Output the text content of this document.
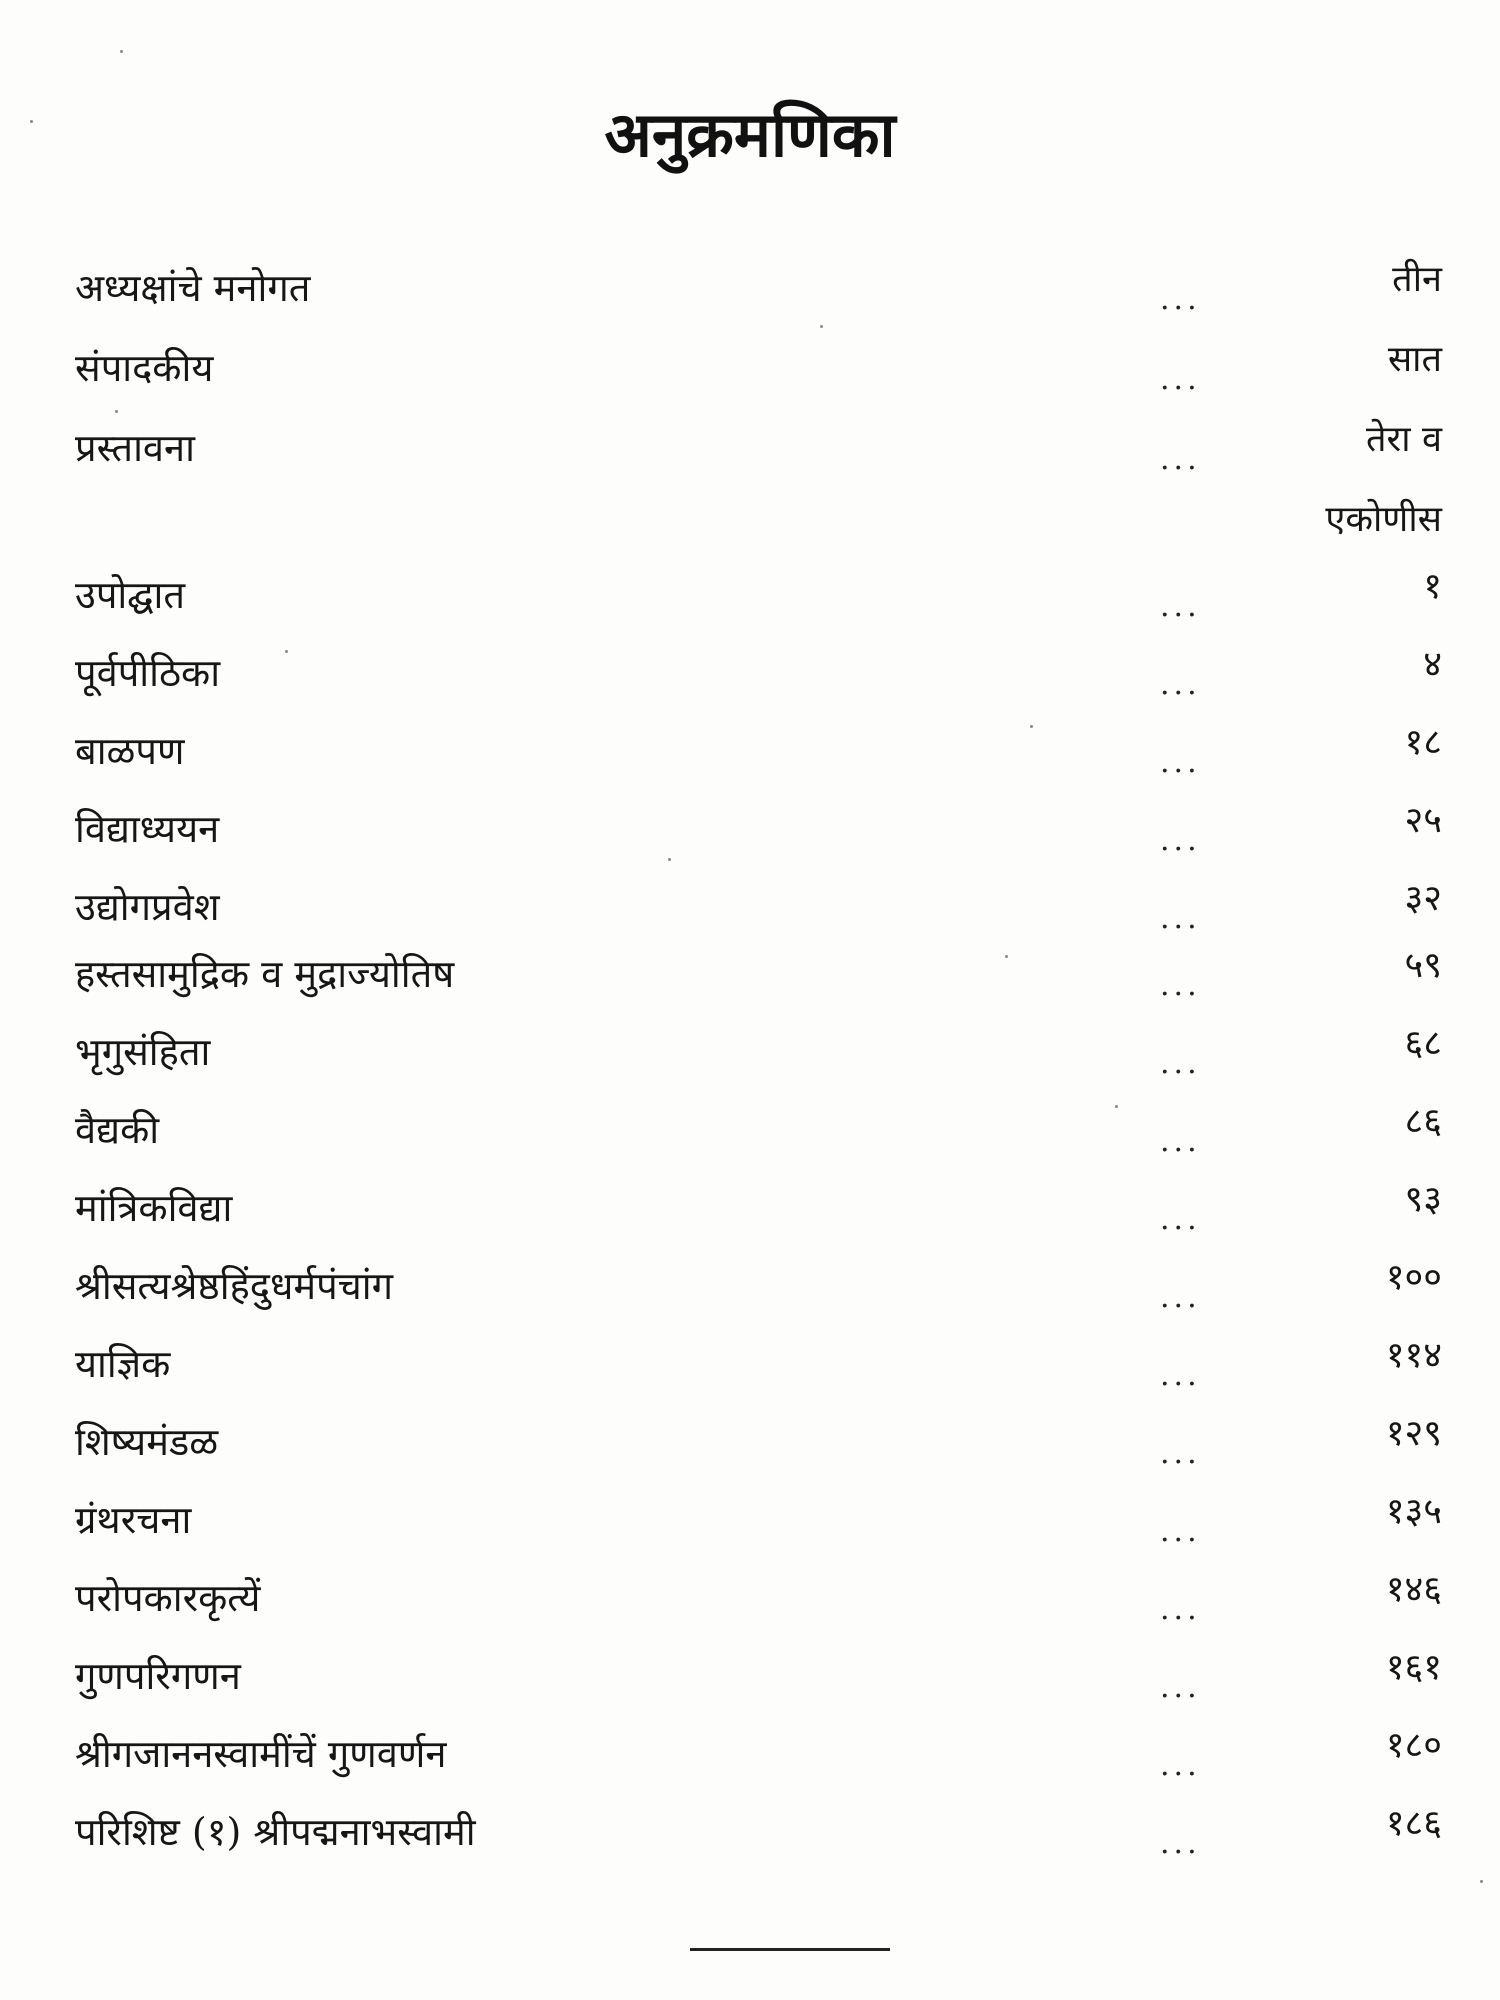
अनुक्रमणिका
अध्यक्षांचे मनोगत	...	तीन
संपादकीय	...	सात
प्रस्तावना	...	तेरा व
एकोणीस
उपोद्घात	...	१
पूर्वपीठिका	...	४
बाळपण	...	१८
विद्याध्ययन	...	२५
उद्योगप्रवेश	...	३२
हस्तसामुद्रिक व मुद्राज्योतिष	...	५९
भृगुसंहिता	...	६८
वैद्यकी	...	८६
मांत्रिकविद्या	...	९३
श्रीसत्यश्रेष्ठहिंदुधर्मपंचांग	...	१००
याज्ञिक	...	११४
शिष्यमंडळ	...	१२९
ग्रंथरचना	...	१३५
परोपकारकृत्यें	...	१४६
गुणपरिगणन	...	१६१
श्रीगजाननस्वामींचें गुणवर्णन	...	१८०
परिशिष्ट (१) श्रीपद्मनाभस्वामी	...	१८६
